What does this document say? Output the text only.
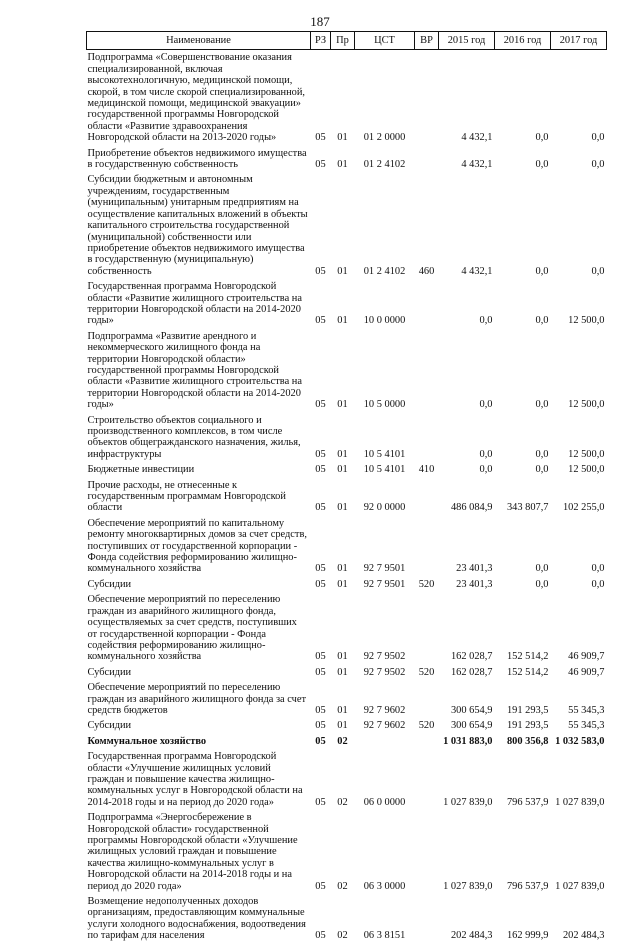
187
Наименование	РЗ	Пр	ЦСТ	ВР	2015 год	2016 год	2017 год
Подпрограмма «Совершенствование оказания специализированной, включая высокотехнологичную, медицинской помощи, скорой, в том числе скорой специализированной, медицинской помощи, медицинской эвакуации» государственной программы Новгородской области «Развитие здравоохранения Новгородской области на 2013-2020 годы»	05	01	01 2 0000		4 432,1	0,0	0,0
Приобретение объектов недвижимого имущества в государственную собственность	05	01	01 2 4102		4 432,1	0,0	0,0
Субсидии бюджетным и автономным учреждениям, государственным (муниципальным) унитарным предприятиям на осуществление капитальных вложений в объекты капитального строительства государственной (муниципальной) собственности или приобретение объектов недвижимого имущества в государственную (муниципальную) собственность	05	01	01 2 4102	460	4 432,1	0,0	0,0
Государственная программа Новгородской области «Развитие жилищного строительства на территории Новгородской области на 2014-2020 годы»	05	01	10 0 0000		0,0	0,0	12 500,0
Подпрограмма «Развитие арендного и некоммерческого жилищного фонда на территории Новгородской области» государственной программы Новгородской области «Развитие жилищного строительства на территории Новгородской области на 2014-2020 годы»	05	01	10 5 0000		0,0	0,0	12 500,0
Строительство объектов социального и производственного комплексов, в том числе объектов общегражданского назначения, жилья, инфраструктуры	05	01	10 5 4101		0,0	0,0	12 500,0
Бюджетные инвестиции	05	01	10 5 4101	410	0,0	0,0	12 500,0
Прочие расходы, не отнесенные к государственным программам Новгородской области	05	01	92 0 0000		486 084,9	343 807,7	102 255,0
Обеспечение мероприятий по капитальному ремонту многоквартирных домов за счет средств, поступивших от государственной корпорации - Фонда содействия реформированию жилищно-коммунального хозяйства	05	01	92 7 9501		23 401,3	0,0	0,0
Субсидии	05	01	92 7 9501	520	23 401,3	0,0	0,0
Обеспечение мероприятий по переселению граждан из аварийного жилищного фонда, осуществляемых за счет средств, поступивших от государственной корпорации - Фонда содействия реформированию жилищно-коммунального хозяйства	05	01	92 7 9502		162 028,7	152 514,2	46 909,7
Субсидии	05	01	92 7 9502	520	162 028,7	152 514,2	46 909,7
Обеспечение мероприятий по переселению граждан из аварийного жилищного фонда за счет средств бюджетов	05	01	92 7 9602		300 654,9	191 293,5	55 345,3
Субсидии	05	01	92 7 9602	520	300 654,9	191 293,5	55 345,3
Коммунальное хозяйство	05	02			1 031 883,0	800 356,8	1 032 583,0
Государственная программа Новгородской области «Улучшение жилищных условий граждан и повышение качества жилищно-коммунальных услуг в Новгородской области на 2014-2018 годы и на период до 2020 года»	05	02	06 0 0000		1 027 839,0	796 537,9	1 027 839,0
Подпрограмма «Энергосбережение в Новгородской области» государственной программы Новгородской области «Улучшение жилищных условий граждан и повышение качества жилищно-коммунальных услуг в Новгородской области на 2014-2018 годы и на период до 2020 года»	05	02	06 3 0000		1 027 839,0	796 537,9	1 027 839,0
Возмещение недополученных доходов организациям, предоставляющим коммунальные услуги холодного водоснабжения, водоотведения по тарифам для населения	05	02	06 3 8151		202 484,3	162 999,9	202 484,3
